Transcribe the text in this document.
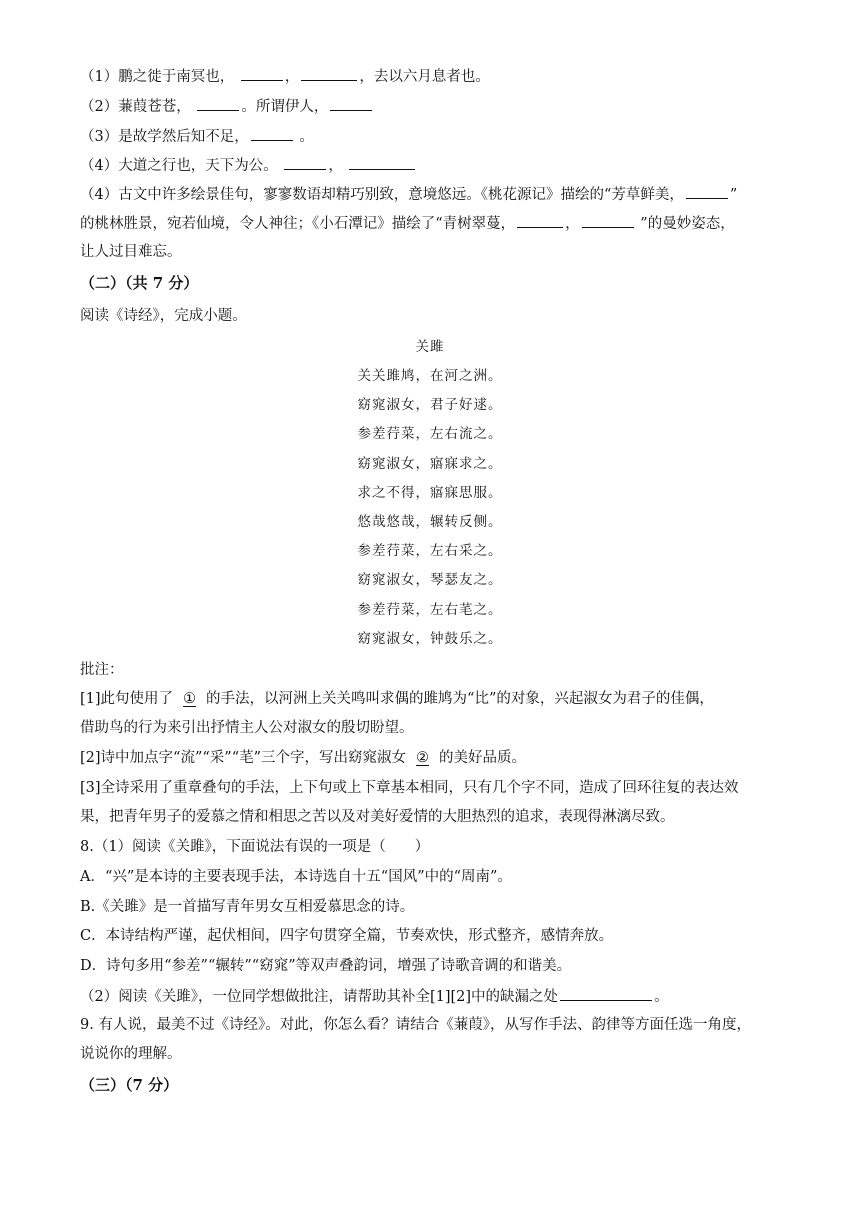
（1）鹏之徙于南冥也，	，	，去以六月息者也。
（2）蒹葭苍苍，	。所谓伊人，
（3）是故学然后知不足，	。
（4）大道之行也，天下为公。	，
（4）古文中许多绘景佳句，寥寥数语却精巧别致，意境悠远。《桃花源记》描绘的“芳草鲜美，	”
的桃林胜景，宛若仙境，令人神往；《小石潭记》描绘了“青树翠蔓，	，	”的曼妙姿态，
让人过目难忘。
（二）（共 7 分）
阅读《诗经》，完成小题。
关雎
关关雎鸠，在河之洲。
窈窕淑女，君子好逑。
参差荇菜，左右流之。
窈窕淑女，寤寐求之。
求之不得，寤寐思服。
悠哉悠哉，辗转反侧。
参差荇菜，左右采之。
窈窕淑女，琴瑟友之。
参差荇菜，左右芼之。
窈窕淑女，钟鼓乐之。
批注：
[1]此句使用了 ① 的手法，以河洲上关关鸣叫求偶的雎鸠为“比”的对象，兴起淑女为君子的佳偶，
借助鸟的行为来引出抒情主人公对淑女的殷切盼望。
[2]诗中加点字“流”“采”“芼”三个字，写出窈窕淑女 ② 的美好品质。
[3]全诗采用了重章叠句的手法，上下句或上下章基本相同，只有几个字不同，造成了回环往复的表达效
果，把青年男子的爱慕之情和相思之苦以及对美好爱情的大胆热烈的追求，表现得淋漓尽致。
8.（1）阅读《关雎》，下面说法有误的一项是（　　）
A．“兴”是本诗的主要表现手法，本诗选自十五“国风”中的“周南”。
B.《关雎》是一首描写青年男女互相爱慕思念的诗。
C．本诗结构严谨，起伏相间，四字句贯穿全篇，节奏欢快，形式整齐，感情奔放。
D．诗句多用“参差”“辗转”“窈窕”等双声叠韵词，增强了诗歌音调的和谐美。
（2）阅读《关雎》，一位同学想做批注，请帮助其补全[1][2]中的缺漏之处	。
9. 有人说，最美不过《诗经》。对此，你怎么看？请结合《蒹葭》，从写作手法、韵律等方面任选一角度，
说说你的理解。
（三）（7 分）
